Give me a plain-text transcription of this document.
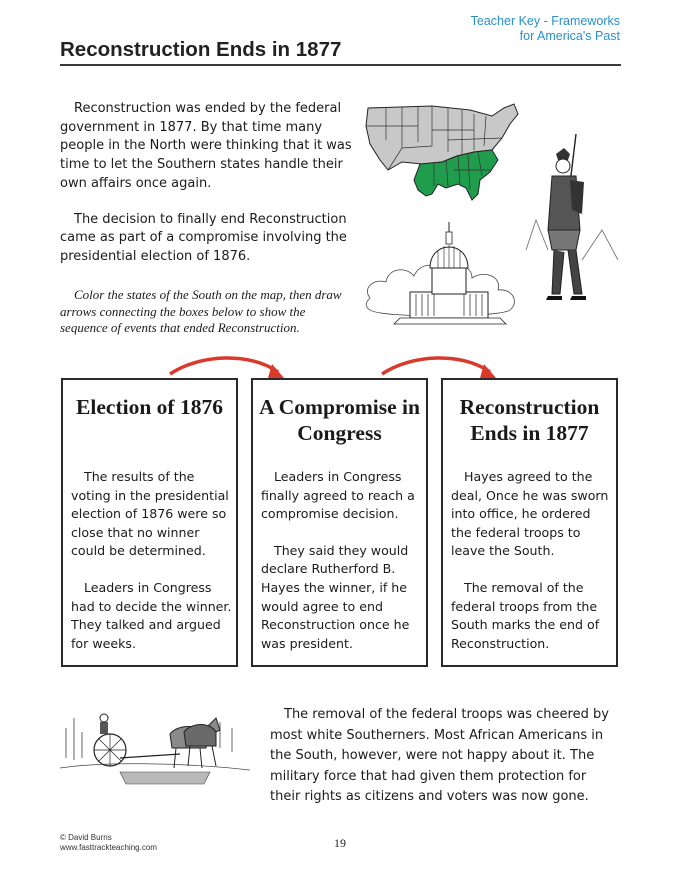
Teacher Key - Frameworks
for America's Past
Reconstruction Ends in 1877

Reconstruction was ended by the federal government in 1877. By that time many people in the North were thinking that it was time to let the Southern states handle their own affairs once again.

The decision to finally end Reconstruction came as part of a compromise involving the presidential election of 1876.

Color the states of the South on the map, then draw arrows connecting the boxes below to show the sequence of events that ended Reconstruction.

Election of 1876

The results of the voting in the presidential election of 1876 were so close that no winner could be determined.

Leaders in Congress had to decide the winner. They talked and argued for weeks.

A Compromise in Congress

Leaders in Congress finally agreed to reach a compromise decision.

They said they would declare Rutherford B. Hayes the winner, if he would agree to end Reconstruction once he was president.

Reconstruction Ends in 1877

Hayes agreed to the deal, Once he was sworn into office, he ordered the federal troops to leave the South.

The removal of the federal troops from the South marks the end of Reconstruction.

The removal of the federal troops was cheered by most white Southerners. Most African Americans in the South, however, were not happy about it. The military force that had given them protection for their rights as citizens and voters was now gone.

© David Burns
www.fasttrackteaching.com	19
